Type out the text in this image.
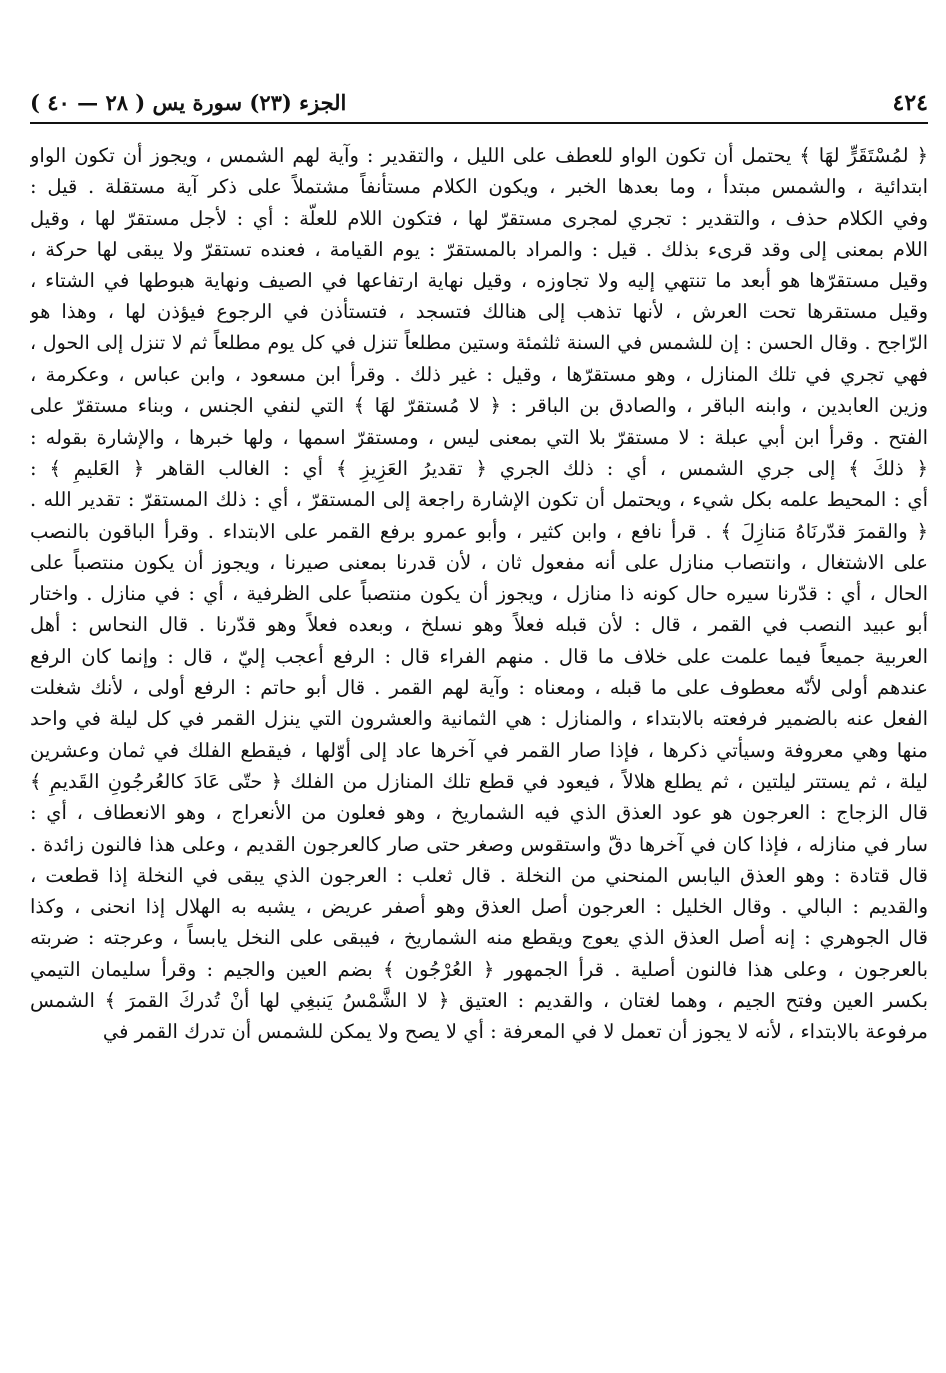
٤٢٤
الجزء (٢٣) سورة يس ( ٢٨ — ٤٠ )
﴿ لمُسْتَقَرٍّ لهَا ﴾ يحتمل أن تكون الواو للعطف على الليل ، والتقدير : وآية لهم الشمس ، ويجوز أن تكون الواو
ابتدائية ، والشمس مبتدأ ، وما بعدها الخبر ، ويكون الكلام مستأنفاً مشتملاً على ذكر آية مستقلة . قيل :
وفي الكلام حذف ، والتقدير : تجري لمجرى مستقرّ لها ، فتكون اللام للعلّة : أي : لأجل مستقرّ لها ، وقيل
اللام بمعنى إلى وقد قرىء بذلك . قيل : والمراد بالمستقرّ : يوم القيامة ، فعنده تستقرّ ولا يبقى لها حركة ،
وقيل مستقرّها هو أبعد ما تنتهي إليه ولا تجاوزه ، وقيل نهاية ارتفاعها في الصيف ونهاية هبوطها في الشتاء ،
وقيل مستقرها تحت العرش ، لأنها تذهب إلى هنالك فتسجد ، فتستأذن في الرجوع فيؤذن لها ، وهذا هو
الرّاجح . وقال الحسن : إن للشمس في السنة ثلثمئة وستين مطلعاً تنزل في كل يوم مطلعاً ثم لا تنزل إلى الحول ،
فهي تجري في تلك المنازل ، وهو مستقرّها ، وقيل : غير ذلك . وقرأ ابن مسعود ، وابن عباس ، وعكرمة ،
وزين العابدين ، وابنه الباقر ، والصادق بن الباقر : ﴿ لا مُستقرّ لهَا ﴾ التي لنفي الجنس ، وبناء مستقرّ على
الفتح . وقرأ ابن أبي عبلة : لا مستقرّ بلا التي بمعنى ليس ، ومستقرّ اسمها ، ولها خبرها ، والإشارة بقوله :
﴿ ذلكَ ﴾ إلى جري الشمس ، أي : ذلك الجري ﴿ تقديرُ العَزِيزِ ﴾ أي : الغالب القاهر ﴿ العَليمِ ﴾ :
أي : المحيط علمه بكل شيء ، ويحتمل أن تكون الإشارة راجعة إلى المستقرّ ، أي : ذلك المستقرّ : تقدير الله .
﴿ والقمرَ قدّرنَاهُ مَنازِلَ ﴾ . قرأ نافع ، وابن كثير ، وأبو عمرو برفع القمر على الابتداء . وقرأ الباقون بالنصب
على الاشتغال ، وانتصاب منازل على أنه مفعول ثان ، لأن قدرنا بمعنى صيرنا ، ويجوز أن يكون منتصباً على
الحال ، أي : قدّرنا سيره حال كونه ذا منازل ، ويجوز أن يكون منتصباً على الظرفية ، أي : في منازل . واختار
أبو عبيد النصب في القمر ، قال : لأن قبله فعلاً وهو نسلخ ، وبعده فعلاً وهو قدّرنا . قال النحاس : أهل
العربية جميعاً فيما علمت على خلاف ما قال . منهم الفراء قال : الرفع أعجب إليّ ، قال : وإنما كان الرفع
عندهم أولى لأنّه معطوف على ما قبله ، ومعناه : وآية لهم القمر . قال أبو حاتم : الرفع أولى ، لأنك شغلت
الفعل عنه بالضمير فرفعته بالابتداء ، والمنازل : هي الثمانية والعشرون التي ينزل القمر في كل ليلة في واحد
منها وهي معروفة وسيأتي ذكرها ، فإذا صار القمر في آخرها عاد إلى أوّلها ، فيقطع الفلك في ثمان وعشرين
ليلة ، ثم يستتر ليلتين ، ثم يطلع هلالاً ، فيعود في قطع تلك المنازل من الفلك ﴿ حتّى عَادَ كالعُرجُونِ القَديمِ ﴾
قال الزجاج : العرجون هو عود العذق الذي فيه الشماريخ ، وهو فعلون من الأنعراج ، وهو الانعطاف ، أي :
سار في منازله ، فإذا كان في آخرها دقّ واستقوس وصغر حتى صار كالعرجون القديم ، وعلى هذا فالنون زائدة .
قال قتادة : وهو العذق اليابس المنحني من النخلة . قال ثعلب : العرجون الذي يبقى في النخلة إذا قطعت ،
والقديم : البالي . وقال الخليل : العرجون أصل العذق وهو أصفر عريض ، يشبه به الهلال إذا انحنى ، وكذا
قال الجوهري : إنه أصل العذق الذي يعوج ويقطع منه الشماريخ ، فيبقى على النخل يابساً ، وعرجته : ضربته
بالعرجون ، وعلى هذا فالنون أصلية . قرأ الجمهور ﴿ العُرْجُون ﴾ بضم العين والجيم : وقرأ سليمان التيمي
بكسر العين وفتح الجيم ، وهما لغتان ، والقديم : العتيق ﴿ لا الشَّمْسُ يَنبغِي لها أنْ تُدركَ القمرَ ﴾ الشمس
مرفوعة بالابتداء ، لأنه لا يجوز أن تعمل لا في المعرفة : أي لا يصح ولا يمكن للشمس أن تدرك القمر في
